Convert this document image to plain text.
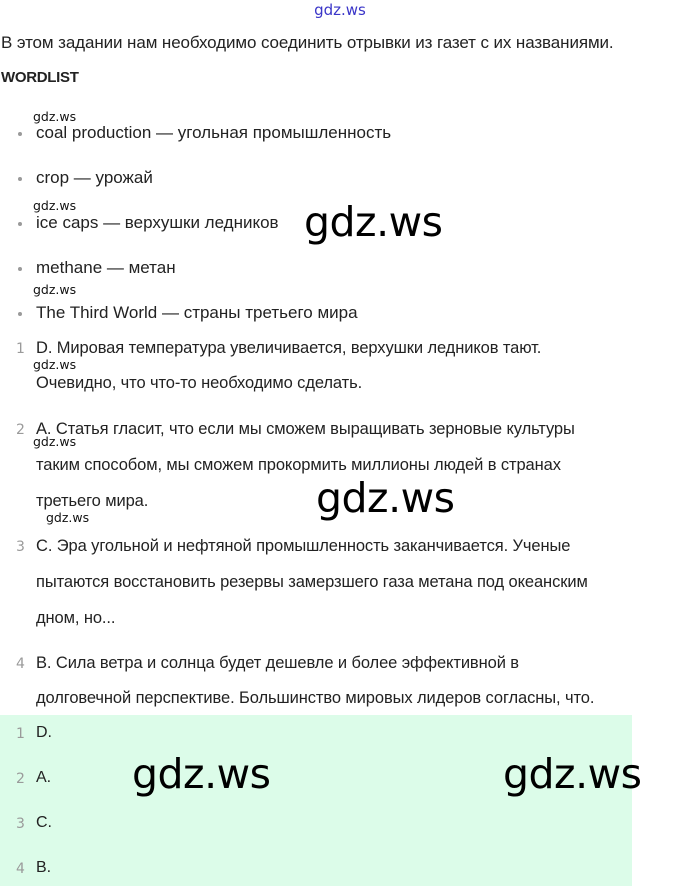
gdz.ws
В этом задании нам необходимо соединить отрывки из газет с их названиями.
WORDLIST
coal production — угольная промышленность
crop — урожай
ice caps — верхушки ледников
methane — метан
The Third World — страны третьего мира
1 D. Мировая температура увеличивается, верхушки ледников тают.
Очевидно, что что-то необходимо сделать.
2 A. Статья гласит, что если мы сможем выращивать зерновые культуры
таким способом, мы сможем прокормить миллионы людей в странах
третьего мира.
3 C. Эра угольной и нефтяной промышленность заканчивается. Ученые
пытаются восстановить резервы замерзшего газа метана под океанским
дном, но...
4 B. Сила ветра и солнца будет дешевле и более эффективной в
долговечной перспективе. Большинство мировых лидеров согласны, что.
1 D.
2 A.
3 C.
4 B.
gdz.ws
gdz.ws
gdz.ws
gdz.ws
gdz.ws
gdz.ws
gdz.ws
gdz.ws
gdz.ws	gdz.ws
